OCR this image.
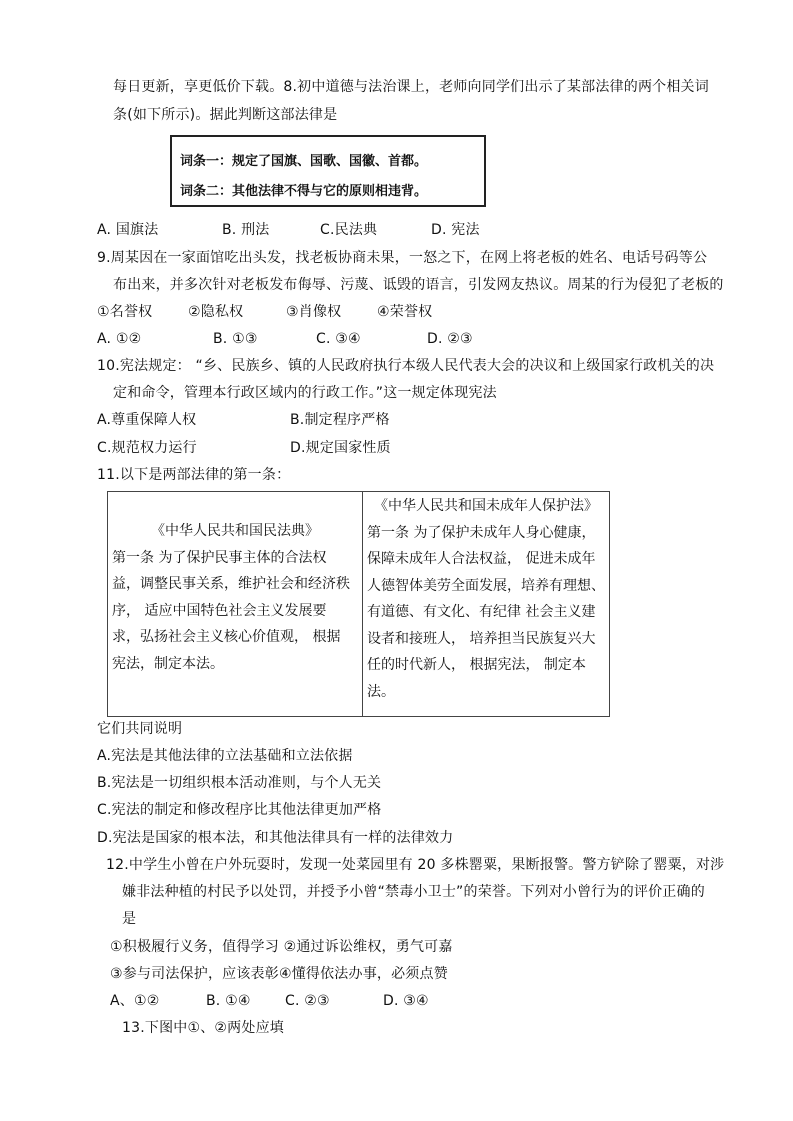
每日更新，享更低价下载。8.初中道德与法治课上，老师向同学们出示了某部法律的两个相关词
条(如下所示)。据此判断这部法律是
词条一：规定了国旗、国歌、国徽、首都。
词条二：其他法律不得与它的原则相违背。
A. 国旗法	B. 刑法	C.民法典	D. 宪法
9.周某因在一家面馆吃出头发，找老板协商未果，一怒之下，在网上将老板的姓名、电话号码等公
布出来，并多次针对老板发布侮辱、污蔑、诋毁的语言，引发网友热议。周某的行为侵犯了老板的
①名誉权	②隐私权	③肖像权	④荣誉权
A. ①②	B. ①③	C. ③④	D. ②③
10.宪法规定： “乡、民族乡、镇的人民政府执行本级人民代表大会的决议和上级国家行政机关的决
定和命令，管理本行政区域内的行政工作。”这一规定体现宪法
A.尊重保障人权	B.制定程序严格
C.规范权力运行	D.规定国家性质
11.以下是两部法律的第一条：
《中华人民共和国民法典》
第一条 为了保护民事主体的合法权
益，调整民事关系，维护社会和经济秩
序， 适应中国特色社会主义发展要
求，弘扬社会主义核心价值观， 根据
宪法，制定本法。

《中华人民共和国未成年人保护法》
第一条 为了保护未成年人身心健康，
保障未成年人合法权益， 促进未成年
人德智体美劳全面发展，培养有理想、
有道德、有文化、有纪律 社会主义建
设者和接班人， 培养担当民族复兴大
任的时代新人， 根据宪法， 制定本
法。
它们共同说明
A.宪法是其他法律的立法基础和立法依据
B.宪法是一切组织根本活动准则，与个人无关
C.宪法的制定和修改程序比其他法律更加严格
D.宪法是国家的根本法，和其他法律具有一样的法律效力
12.中学生小曾在户外玩耍时，发现一处菜园里有 20 多株罂粟，果断报警。警方铲除了罂粟，对涉
嫌非法种植的村民予以处罚，并授予小曾“禁毒小卫士”的荣誉。下列对小曾行为的评价正确的
是
①积极履行义务，值得学习 ②通过诉讼维权，勇气可嘉
③参与司法保护，应该表彰④懂得依法办事，必须点赞
A、①②	B. ①④ C. ②③	D. ③④
13.下图中①、②两处应填
